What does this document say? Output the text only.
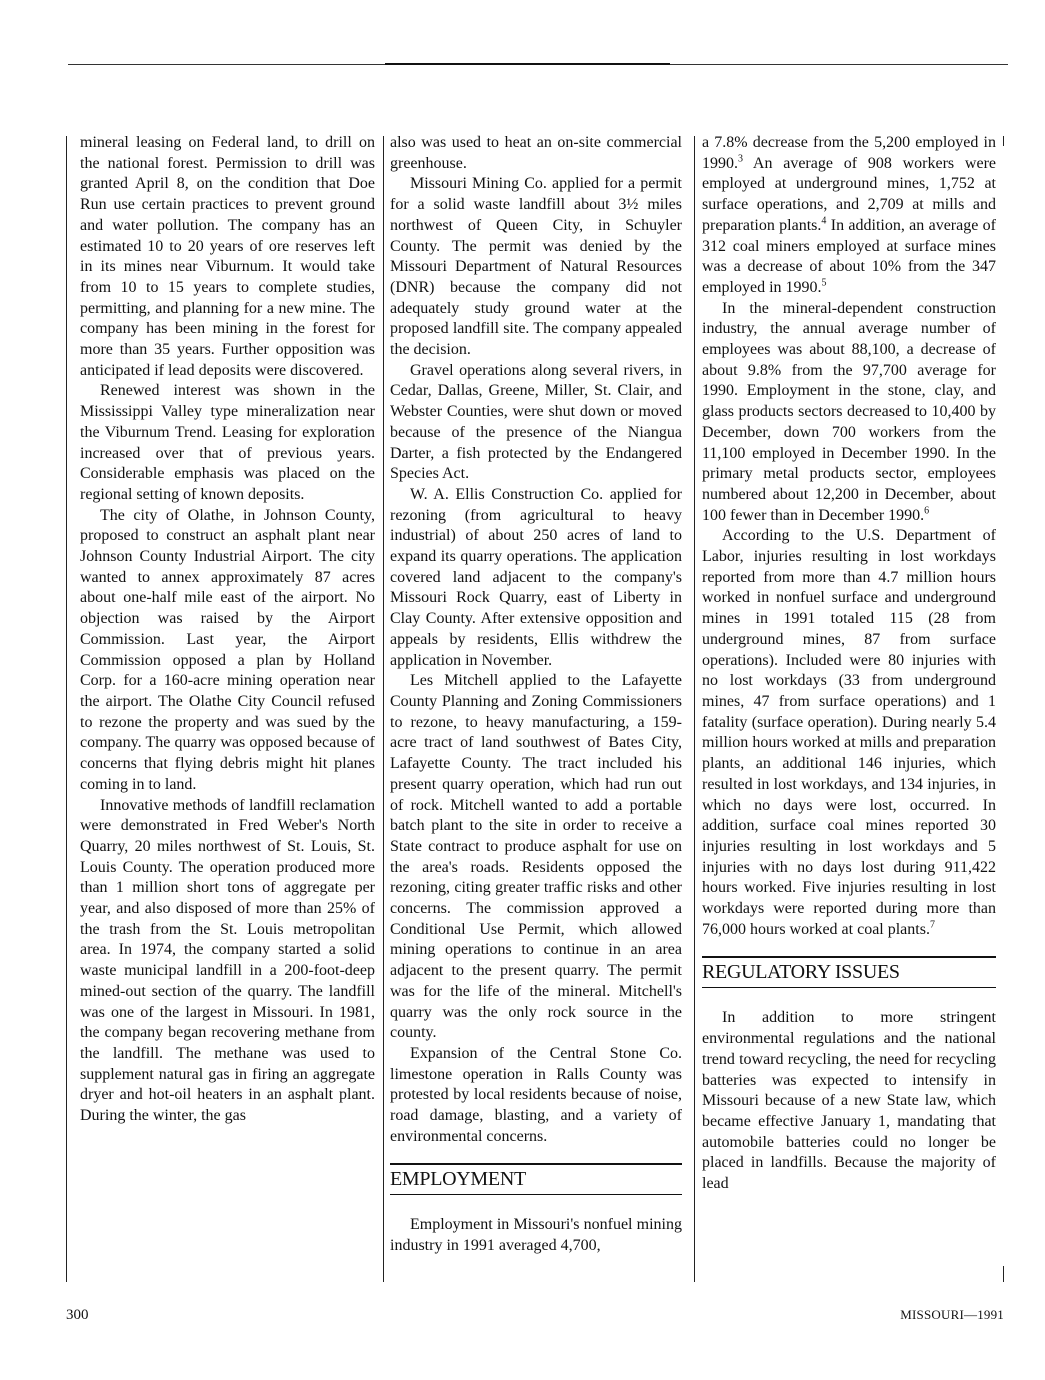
mineral leasing on Federal land, to drill on the national forest. Permission to drill was granted April 8, on the condition that Doe Run use certain practices to prevent ground and water pollution. The company has an estimated 10 to 20 years of ore reserves left in its mines near Viburnum. It would take from 10 to 15 years to complete studies, permitting, and planning for a new mine. The company has been mining in the forest for more than 35 years. Further opposition was anticipated if lead deposits were discovered.

Renewed interest was shown in the Mississippi Valley type mineralization near the Viburnum Trend. Leasing for exploration increased over that of previous years. Considerable emphasis was placed on the regional setting of known deposits.

The city of Olathe, in Johnson County, proposed to construct an asphalt plant near Johnson County Industrial Airport. The city wanted to annex approximately 87 acres about one-half mile east of the airport. No objection was raised by the Airport Commission. Last year, the Airport Commission opposed a plan by Holland Corp. for a 160-acre mining operation near the airport. The Olathe City Council refused to rezone the property and was sued by the company. The quarry was opposed because of concerns that flying debris might hit planes coming in to land.

Innovative methods of landfill reclamation were demonstrated in Fred Weber's North Quarry, 20 miles northwest of St. Louis, St. Louis County. The operation produced more than 1 million short tons of aggregate per year, and also disposed of more than 25% of the trash from the St. Louis metropolitan area. In 1974, the company started a solid waste municipal landfill in a 200-foot-deep mined-out section of the quarry. The landfill was one of the largest in Missouri. In 1981, the company began recovering methane from the landfill. The methane was used to supplement natural gas in firing an aggregate dryer and hot-oil heaters in an asphalt plant. During the winter, the gas

also was used to heat an on-site commercial greenhouse.

Missouri Mining Co. applied for a permit for a solid waste landfill about 3½ miles northwest of Queen City, in Schuyler County. The permit was denied by the Missouri Department of Natural Resources (DNR) because the company did not adequately study ground water at the proposed landfill site. The company appealed the decision.

Gravel operations along several rivers, in Cedar, Dallas, Greene, Miller, St. Clair, and Webster Counties, were shut down or moved because of the presence of the Niangua Darter, a fish protected by the Endangered Species Act.

W. A. Ellis Construction Co. applied for rezoning (from agricultural to heavy industrial) of about 250 acres of land to expand its quarry operations. The application covered land adjacent to the company's Missouri Rock Quarry, east of Liberty in Clay County. After extensive opposition and appeals by residents, Ellis withdrew the application in November.

Les Mitchell applied to the Lafayette County Planning and Zoning Commissioners to rezone, to heavy manufacturing, a 159-acre tract of land southwest of Bates City, Lafayette County. The tract included his present quarry operation, which had run out of rock. Mitchell wanted to add a portable batch plant to the site in order to receive a State contract to produce asphalt for use on the area's roads. Residents opposed the rezoning, citing greater traffic risks and other concerns. The commission approved a Conditional Use Permit, which allowed mining operations to continue in an area adjacent to the present quarry. The permit was for the life of the mineral. Mitchell's quarry was the only rock source in the county.

Expansion of the Central Stone Co. limestone operation in Ralls County was protested by local residents because of noise, road damage, blasting, and a variety of environmental concerns.

EMPLOYMENT

Employment in Missouri's nonfuel mining industry in 1991 averaged 4,700,

a 7.8% decrease from the 5,200 employed in 1990.$^3$ An average of 908 workers were employed at underground mines, 1,752 at surface operations, and 2,709 at mills and preparation plants.$^4$ In addition, an average of 312 coal miners employed at surface mines was a decrease of about 10% from the 347 employed in 1990.$^5$

In the mineral-dependent construction industry, the annual average number of employees was about 88,100, a decrease of about 9.8% from the 97,700 average for 1990. Employment in the stone, clay, and glass products sectors decreased to 10,400 by December, down 700 workers from the 11,100 employed in December 1990. In the primary metal products sector, employees numbered about 12,200 in December, about 100 fewer than in December 1990.$^6$

According to the U.S. Department of Labor, injuries resulting in lost workdays reported from more than 4.7 million hours worked in nonfuel surface and underground mines in 1991 totaled 115 (28 from underground mines, 87 from surface operations). Included were 80 injuries with no lost workdays (33 from underground mines, 47 from surface operations) and 1 fatality (surface operation). During nearly 5.4 million hours worked at mills and preparation plants, an additional 146 injuries, which resulted in lost workdays, and 134 injuries, in which no days were lost, occurred. In addition, surface coal mines reported 30 injuries resulting in lost workdays and 5 injuries with no days lost during 911,422 hours worked. Five injuries resulting in lost workdays were reported during more than 76,000 hours worked at coal plants.$^7$

REGULATORY ISSUES

In addition to more stringent environmental regulations and the national trend toward recycling, the need for recycling batteries was expected to intensify in Missouri because of a new State law, which became effective January 1, mandating that automobile batteries could no longer be placed in landfills. Because the majority of lead

300	MISSOURI—1991
